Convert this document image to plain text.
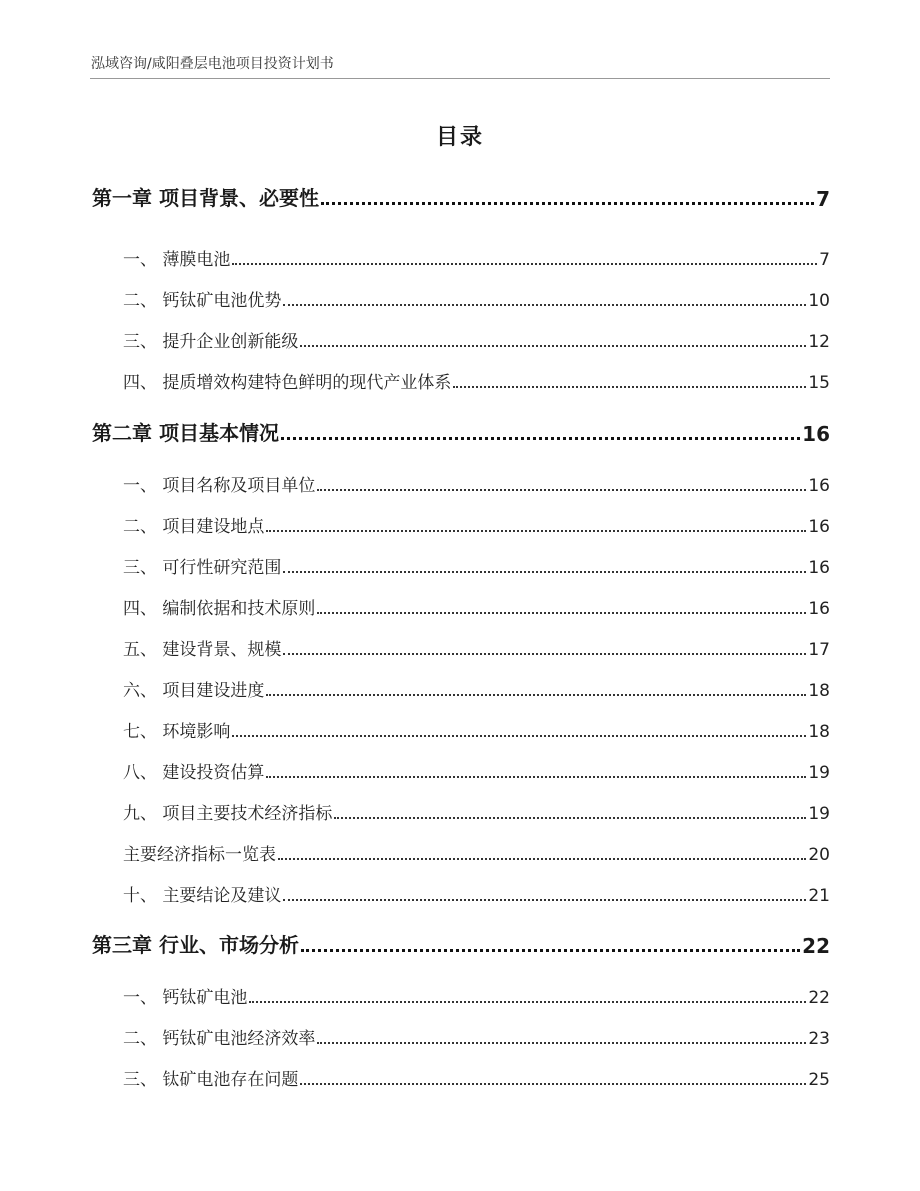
泓域咨询/咸阳叠层电池项目投资计划书
目录
第一章 项目背景、必要性	7
一、 薄膜电池	7
二、 钙钛矿电池优势	10
三、 提升企业创新能级	12
四、 提质增效构建特色鲜明的现代产业体系	15
第二章 项目基本情况	16
一、 项目名称及项目单位	16
二、 项目建设地点	16
三、 可行性研究范围	16
四、 编制依据和技术原则	16
五、 建设背景、规模	17
六、 项目建设进度	18
七、 环境影响	18
八、 建设投资估算	19
九、 项目主要技术经济指标	19
主要经济指标一览表	20
十、 主要结论及建议	21
第三章 行业、市场分析	22
一、 钙钛矿电池	22
二、 钙钛矿电池经济效率	23
三、 钛矿电池存在问题	25
